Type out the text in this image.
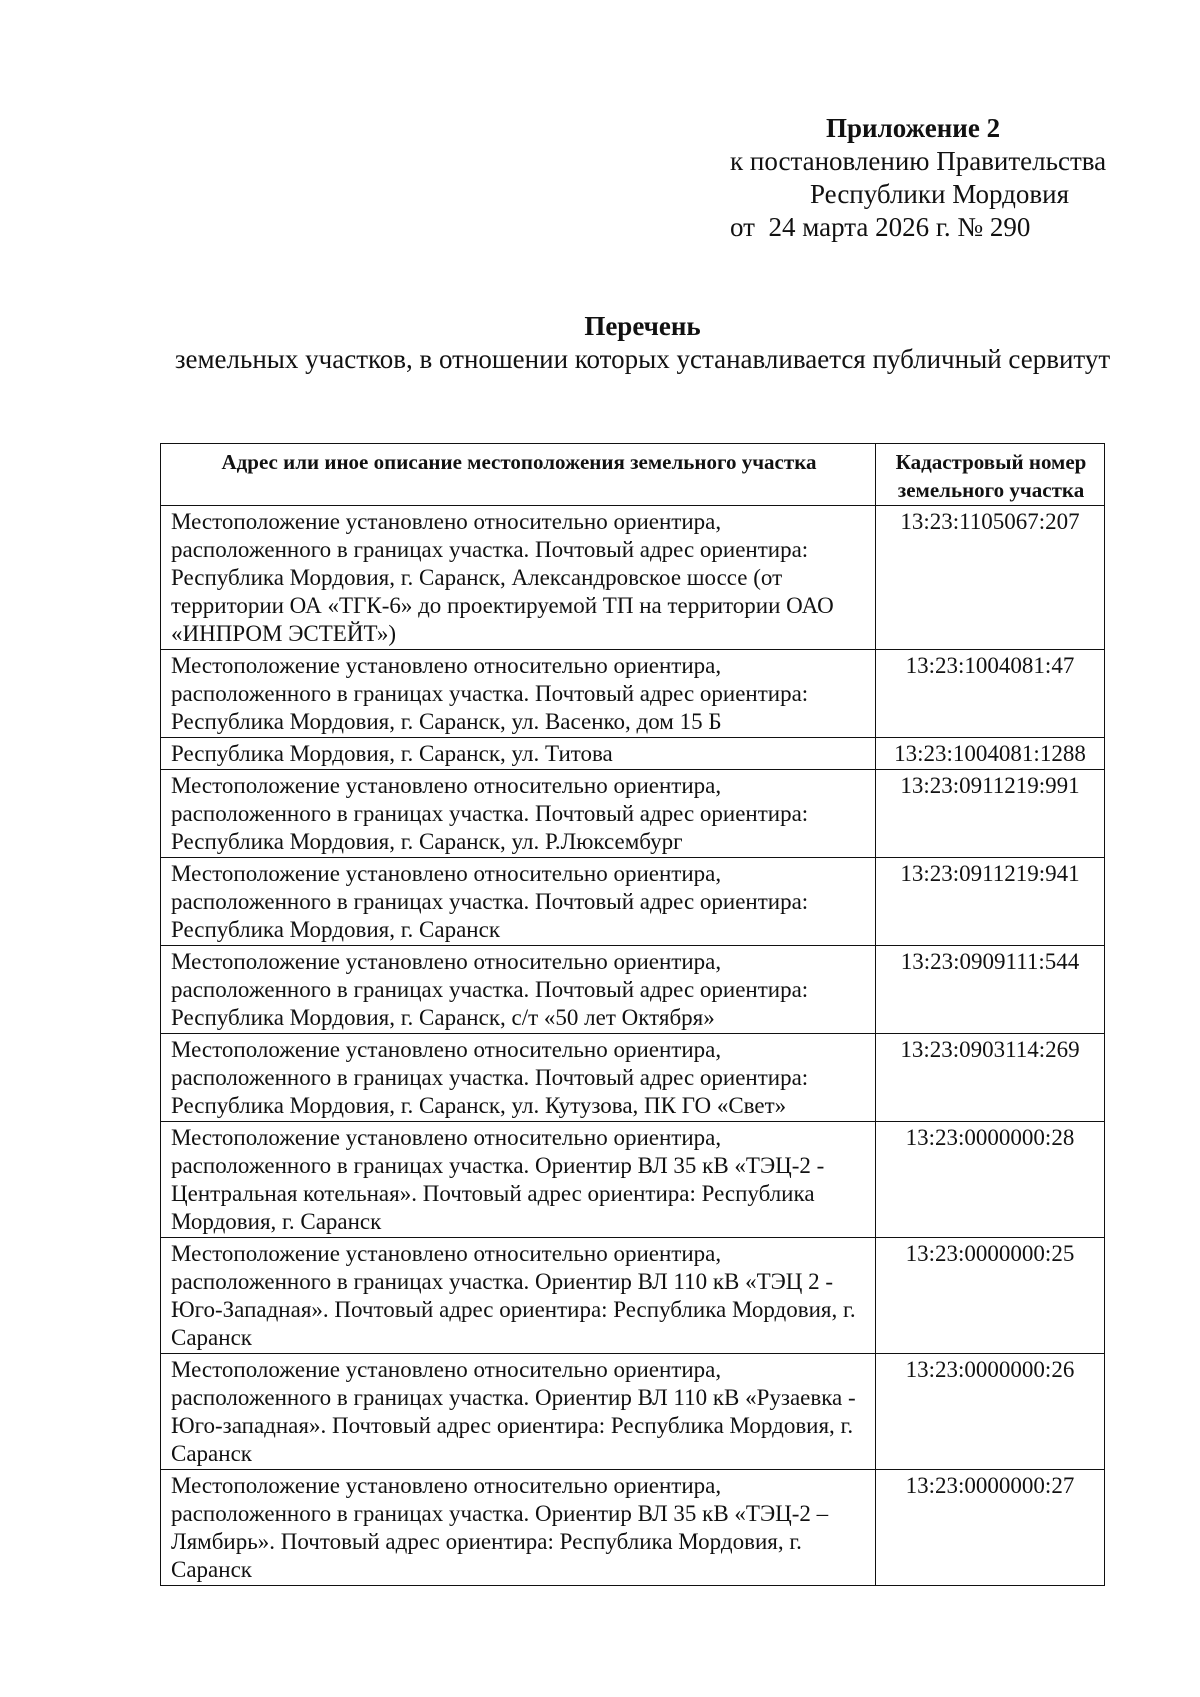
Приложение 2
к постановлению Правительства
Республики Мордовия
от 24 марта 2026 г. № 290
Перечень
земельных участков, в отношении которых устанавливается публичный сервитут
Адрес или иное описание местоположения земельного участка	Кадастровый номер земельного участка
Местоположение установлено относительно ориентира, расположенного в границах участка. Почтовый адрес ориентира: Республика Мордовия, г. Саранск, Александровское шоссе (от территории ОА «ТГК-6» до проектируемой ТП на территории ОАО «ИНПРОМ ЭСТЕЙТ»)	13:23:1105067:207
Местоположение установлено относительно ориентира, расположенного в границах участка. Почтовый адрес ориентира: Республика Мордовия, г. Саранск, ул. Васенко, дом 15 Б	13:23:1004081:47
Республика Мордовия, г. Саранск, ул. Титова	13:23:1004081:1288
Местоположение установлено относительно ориентира, расположенного в границах участка. Почтовый адрес ориентира: Республика Мордовия, г. Саранск, ул. Р.Люксембург	13:23:0911219:991
Местоположение установлено относительно ориентира, расположенного в границах участка. Почтовый адрес ориентира: Республика Мордовия, г. Саранск	13:23:0911219:941
Местоположение установлено относительно ориентира, расположенного в границах участка. Почтовый адрес ориентира: Республика Мордовия, г. Саранск, с/т «50 лет Октября»	13:23:0909111:544
Местоположение установлено относительно ориентира, расположенного в границах участка. Почтовый адрес ориентира: Республика Мордовия, г. Саранск, ул. Кутузова, ПК ГО «Свет»	13:23:0903114:269
Местоположение установлено относительно ориентира, расположенного в границах участка. Ориентир ВЛ 35 кВ «ТЭЦ-2 - Центральная котельная». Почтовый адрес ориентира: Республика Мордовия, г. Саранск	13:23:0000000:28
Местоположение установлено относительно ориентира, расположенного в границах участка. Ориентир ВЛ 110 кВ «ТЭЦ 2 - Юго-Западная». Почтовый адрес ориентира: Республика Мордовия, г. Саранск	13:23:0000000:25
Местоположение установлено относительно ориентира, расположенного в границах участка. Ориентир ВЛ 110 кВ «Рузаевка - Юго-западная». Почтовый адрес ориентира: Республика Мордовия, г. Саранск	13:23:0000000:26
Местоположение установлено относительно ориентира, расположенного в границах участка. Ориентир ВЛ 35 кВ «ТЭЦ-2 – Лямбирь». Почтовый адрес ориентира: Республика Мордовия, г. Саранск	13:23:0000000:27
